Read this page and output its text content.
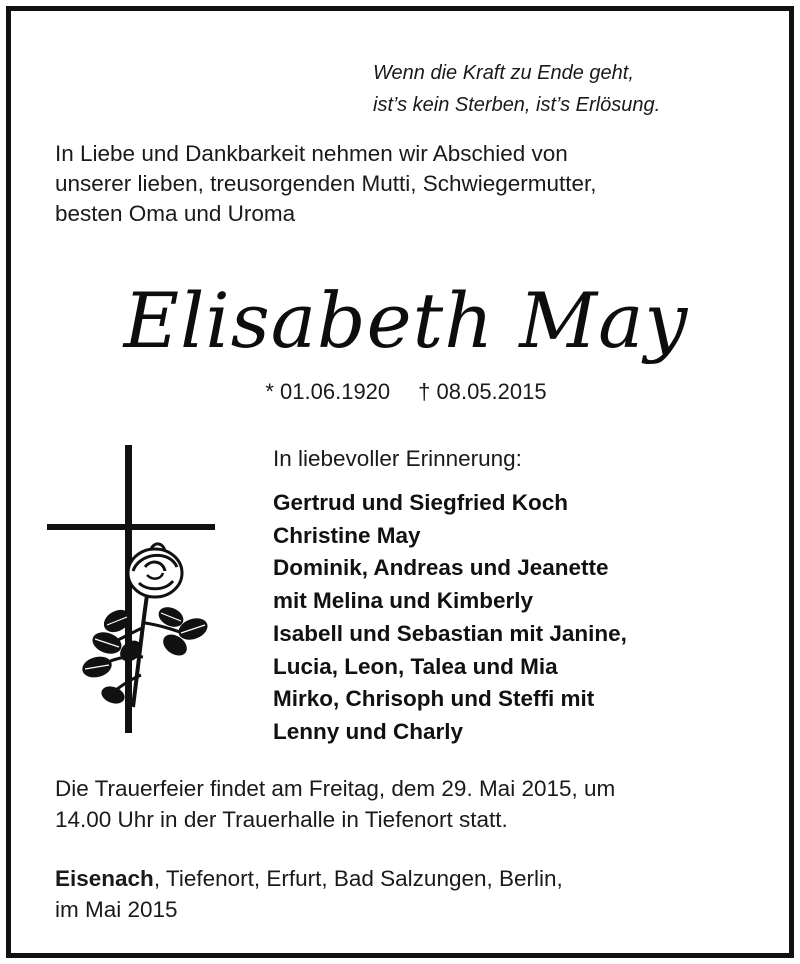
Wenn die Kraft zu Ende geht,
ist’s kein Sterben, ist’s Erlösung.
In Liebe und Dankbarkeit nehmen wir Abschied von
unserer lieben, treusorgenden Mutti, Schwiegermutter,
besten Oma und Uroma
Elisabeth May
* 01.06.1920 † 08.05.2015
In liebevoller Erinnerung:
Gertrud und Siegfried Koch
Christine May
Dominik, Andreas und Jeanette
mit Melina und Kimberly
Isabell und Sebastian mit Janine,
Lucia, Leon, Talea und Mia
Mirko, Chrisoph und Steffi mit
Lenny und Charly
Die Trauerfeier findet am Freitag, dem 29. Mai 2015, um
14.00 Uhr in der Trauerhalle in Tiefenort statt.
Eisenach, Tiefenort, Erfurt, Bad Salzungen, Berlin,
im Mai 2015
